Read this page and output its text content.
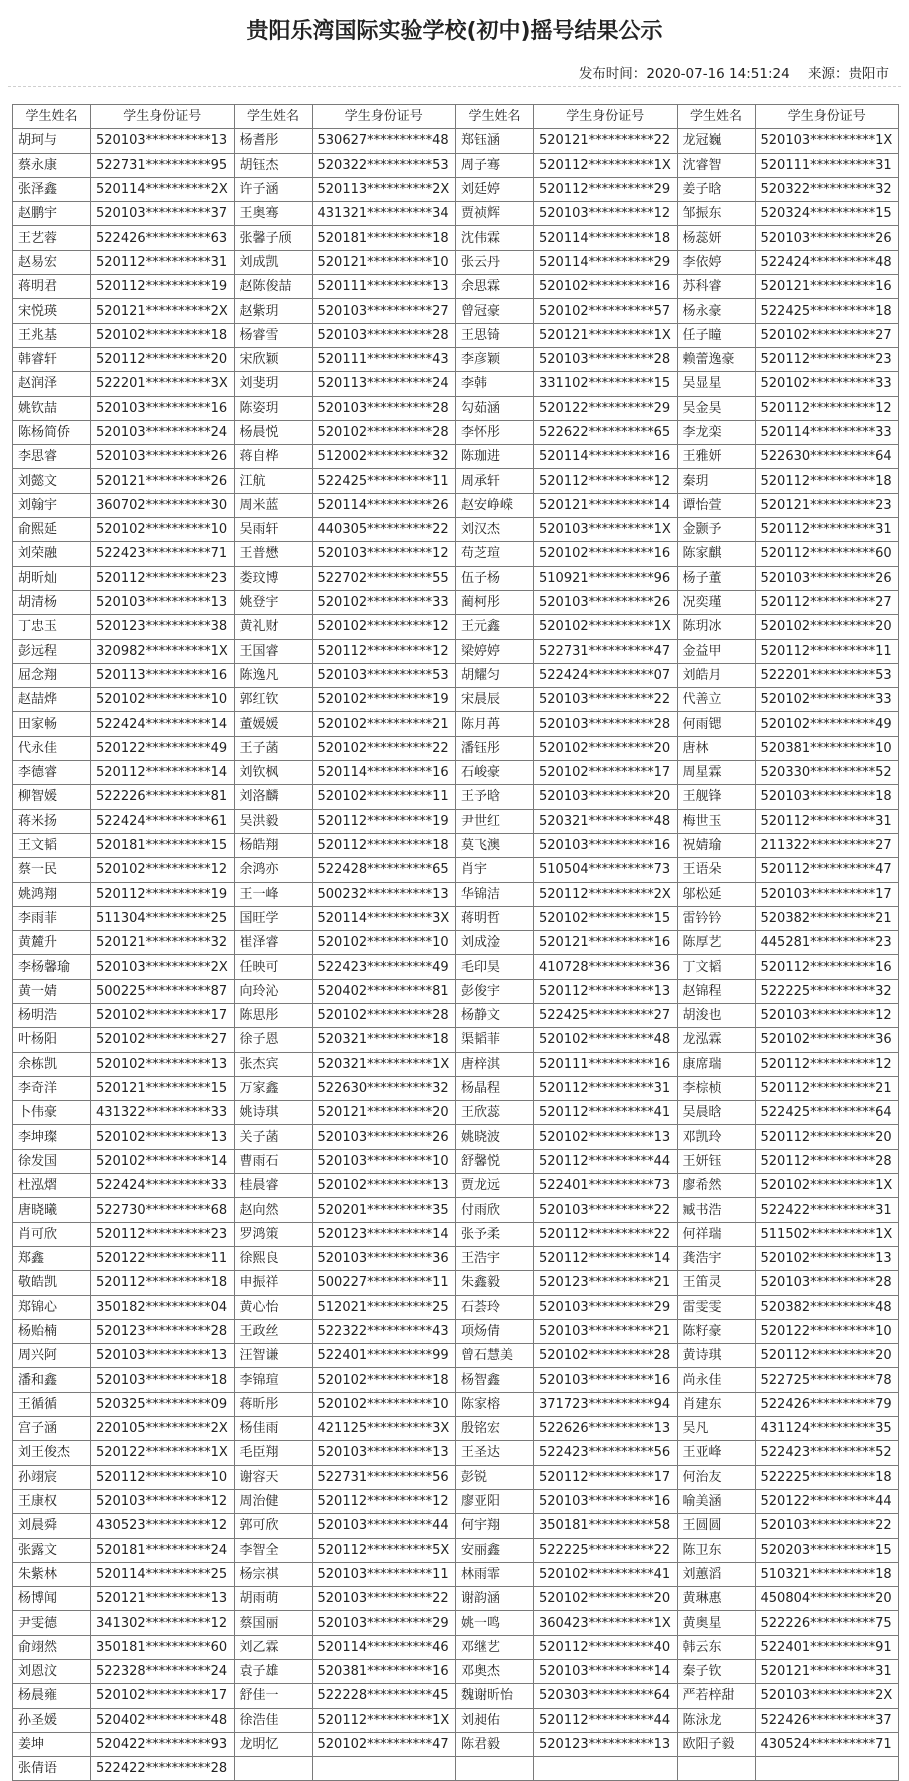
贵阳乐湾国际实验学校(初中)摇号结果公示
发布时间：2020-07-16 14:51:24 来源：贵阳市
学生姓名	学生身份证号	学生姓名	学生身份证号	学生姓名	学生身份证号	学生姓名	学生身份证号
胡珂与	520103**********13	杨耆彤	530627**********48	郑钰涵	520121**********22	龙冠巍	520103**********1X
蔡永康	522731**********95	胡钰杰	520322**********53	周子骞	520112**********1X	沈睿智	520111**********31
张泽鑫	520114**********2X	许子涵	520113**********2X	刘廷婷	520112**********29	姜子晗	520322**********32
赵鹏宇	520103**********37	王奥骞	431321**********34	贾祯辉	520103**********12	邹振东	520324**********15
王艺蓉	522426**********63	张馨子颀	520181**********18	沈伟霖	520114**********18	杨蕊妍	520103**********26
赵易宏	520112**********31	刘成凯	520121**********10	张云丹	520114**********29	李依婷	522424**********48
蒋明君	520112**********19	赵陈俊喆	520111**********13	余思霖	520102**********16	苏科睿	520121**********16
宋悦瑛	520121**********2X	赵紫玥	520103**********27	曾冠豪	520102**********57	杨永豪	522425**********18
王兆基	520102**********18	杨睿雪	520103**********28	王思锜	520121**********1X	任子瞳	520102**********27
韩睿轩	520112**********20	宋欣颖	520111**********43	李彦颖	520103**********28	赖蕾逸豪	520112**********23
赵润泽	522201**********3X	刘斐玥	520113**********24	李韩	331102**********15	吴显星	520102**********33
姚钦喆	520103**********16	陈姿玥	520103**********28	勾茹涵	520122**********29	吴金昊	520112**********12
陈杨简侨	520103**********24	杨晨悦	520102**********28	李怀彤	522622**********65	李龙栾	520114**********33
李思睿	520103**********26	蒋自桦	512002**********32	陈珈进	520114**********16	王雅妍	522630**********64
刘懿文	520121**********26	江航	522425**********11	周承轩	520112**********12	秦玥	520112**********18
刘翰宇	360702**********30	周米蓝	520114**********26	赵安峥嵘	520121**********14	谭怡萱	520121**********23
俞熙延	520102**********10	吴雨轩	440305**********22	刘汉杰	520103**********1X	金颢予	520112**********31
刘荣融	522423**********71	王普懋	520103**********12	苟芝瑄	520102**********16	陈家麒	520112**********60
胡昕灿	520112**********23	娄玟博	522702**********55	伍子杨	510921**********96	杨子董	520103**********26
胡清杨	520103**********13	姚登宇	520102**********33	蔺柯彤	520103**********26	况奕瑾	520112**********27
丁忠玉	520123**********38	黄礼财	520102**********12	王元鑫	520102**********1X	陈玥冰	520102**********20
彭远程	320982**********1X	王国睿	520112**********12	梁婷婷	522731**********47	金益甲	520112**********11
屈念翔	520113**********16	陈逸凡	520103**********53	胡耀匀	522424**********07	刘皓月	522201**********53
赵喆烨	520102**********10	郭红钦	520102**********19	宋晨辰	520103**********22	代善立	520102**********33
田家畅	522424**********14	董媛媛	520102**********21	陈月苒	520103**********28	何雨锶	520102**********49
代永佳	520122**********49	王子菡	520102**********22	潘钰彤	520102**********20	唐林	520381**********10
李德睿	520112**********14	刘钦枫	520114**********16	石峻豪	520102**********17	周星霖	520330**********52
柳智媛	522226**********81	刘洛麟	520102**********11	王予晗	520103**********20	王舰锋	520103**********18
蒋米扬	522424**********61	吴洪毅	520112**********19	尹世红	520321**********48	梅世玉	520112**********31
王文韬	520181**********15	杨皓翔	520112**********18	莫飞澳	520103**********16	祝婧瑜	211322**********27
蔡一民	520102**********12	余鸿亦	522428**********65	肖宇	510504**********73	王语朵	520112**********47
姚鸿翔	520112**********19	王一峰	500232**********13	华锦洁	520112**********2X	邬松延	520103**********17
李雨菲	511304**********25	国旺学	520114**********3X	蒋明哲	520102**********15	雷钤钤	520382**********21
黄麓升	520121**********32	崔泽睿	520102**********10	刘成淦	520121**********16	陈厚艺	445281**********23
李杨馨瑜	520103**********2X	任映可	522423**********49	毛印昊	410728**********36	丁文韬	520112**********16
黄一婧	500225**********87	向玲沁	520402**********81	彭俊宇	520112**********13	赵锦程	522225**********32
杨明浩	520102**********17	陈思彤	520102**********28	杨静文	522425**********27	胡浚也	520103**********12
叶杨阳	520102**********27	徐子恩	520321**********18	渠韬菲	520102**********48	龙泓霖	520102**********36
余栋凯	520102**********13	张杰宾	520321**********1X	唐梓淇	520111**********16	康席瑞	520112**********12
李奇洋	520121**********15	万家鑫	522630**********32	杨晶程	520112**********31	李棕桢	520112**********21
卜伟豪	431322**********33	姚诗琪	520121**********20	王欣蕊	520112**********41	吴晨晗	522425**********64
李坤璨	520102**********13	关子菡	520103**********26	姚晓波	520102**********13	邓凯玲	520112**********20
徐发国	520102**********14	曹雨石	520103**********10	舒馨悦	520112**********44	王妍钰	520112**********28
杜泓熠	522424**********33	桂晨睿	520102**********13	贾龙远	522401**********73	廖希然	520102**********1X
唐晓曦	522730**********68	赵向然	520201**********35	付雨欣	520103**********22	臧书浩	522422**********31
肖可欣	520112**********23	罗鸿策	520123**********14	张予柔	520112**********22	何祥瑞	511502**********1X
郑鑫	520122**********11	徐熙良	520103**********36	王浩宇	520112**********14	龚浩宇	520102**********13
敬皓凯	520112**********18	申振祥	500227**********11	朱鑫毅	520123**********21	王笛灵	520103**********28
郑锦心	350182**********04	黄心怡	512021**********25	石荟玲	520103**********29	雷雯雯	520382**********48
杨贻楠	520123**********28	王政丝	522322**********43	项炀倩	520103**********21	陈籽豪	520122**********10
周兴阿	520103**********13	汪智谦	522401**********99	曾石慧美	520102**********28	黄诗琪	520112**********20
潘和鑫	520103**********18	李锦瑄	520102**********18	杨智鑫	520103**********16	尚永佳	522725**********78
王循循	520325**********09	蒋昕彤	520102**********10	陈家榕	371723**********94	肖建东	522426**********79
宫子涵	220105**********2X	杨佳雨	421125**********3X	殷铭宏	522626**********13	吴凡	431124**********35
刘王俊杰	520122**********1X	毛臣翔	520103**********13	王圣达	522423**********56	王亚峰	522423**********52
孙翊宸	520112**********10	谢容天	522731**********56	彭锐	520112**********17	何治友	522225**********18
王康权	520103**********12	周治健	520112**********12	廖亚阳	520103**********16	喻美涵	520122**********44
刘晨舜	430523**********12	郭可欣	520103**********44	何宇翔	350181**********58	王圆圆	520103**********22
张露文	520181**********24	李智全	520112**********5X	安丽鑫	522225**********22	陈卫东	520203**********15
朱紫林	520114**********25	杨宗祺	520103**********11	林雨霏	520102**********41	刘蕙滔	510321**********18
杨博闻	520121**********13	胡雨萌	520103**********22	谢韵涵	520102**********20	黄琳惠	450804**********20
尹雯德	341302**********12	蔡国丽	520103**********29	姚一鸣	360423**********1X	黄奥星	522226**********75
俞翊然	350181**********60	刘乙霖	520114**********46	邓继艺	520112**********40	韩云东	522401**********91
刘恩汶	522328**********24	袁子雄	520381**********16	邓奥杰	520103**********14	秦子钦	520121**********31
杨晨雍	520102**********17	舒佳一	522228**********45	魏谢昕怡	520303**********64	严若梓甜	520103**********2X
孙圣媛	520402**********48	徐浩佳	520112**********1X	刘昶佑	520112**********44	陈泳龙	522426**********37
姜坤	520422**********93	龙明忆	520102**********47	陈君毅	520123**********13	欧阳子毅	430524**********71
张倩语	522422**********28						
